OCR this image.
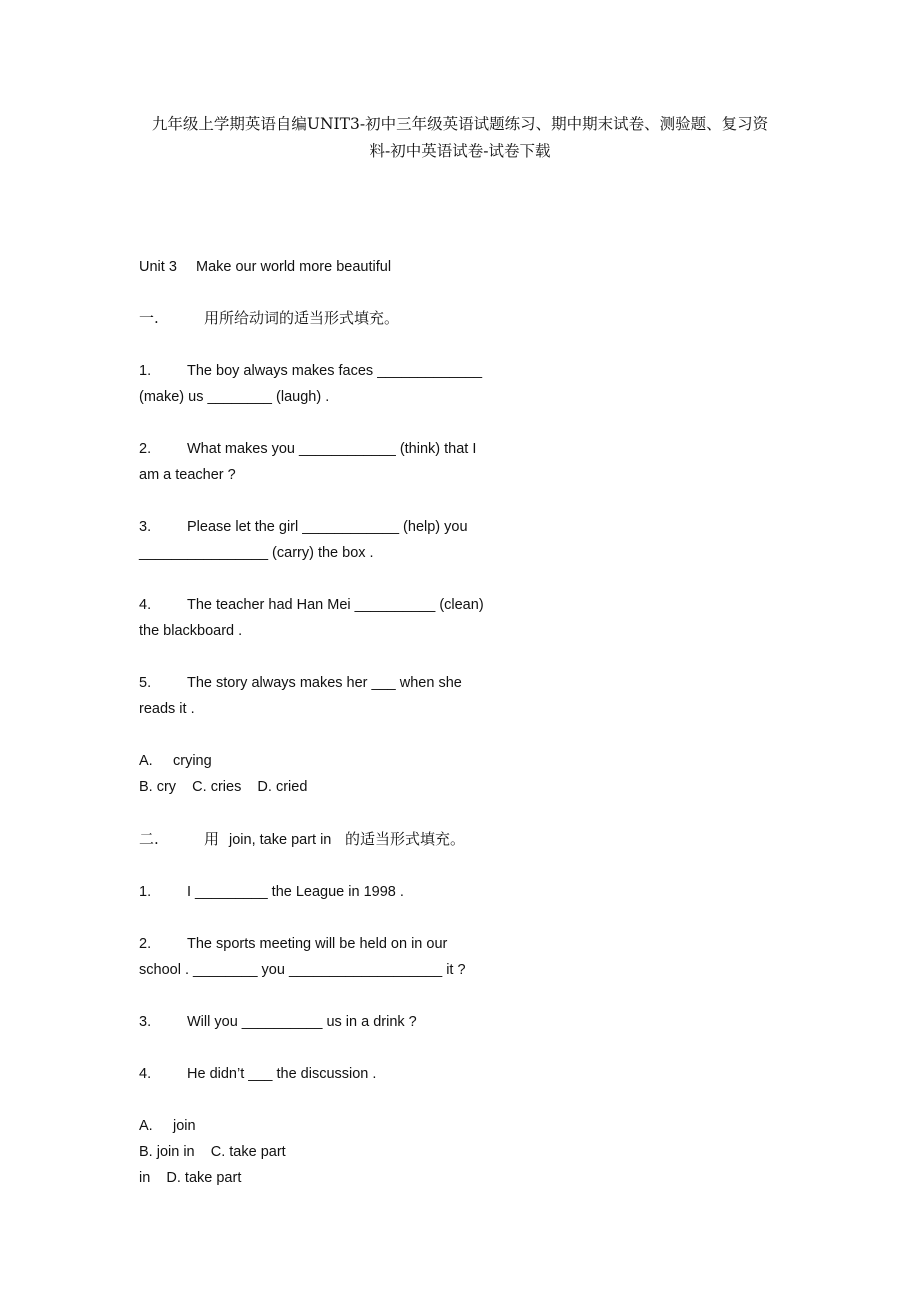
九年级上学期英语自编UNIT3-初中三年级英语试题练习、期中期末试卷、测验题、复习资
料-初中英语试卷-试卷下载
Unit 3 Make our world more beautiful
一.	用所给动词的适当形式填充。
1. The boy always makes faces _____________
(make) us ________ (laugh) .
2. What makes you ____________ (think) that I
am a teacher ?
3. Please let the girl ____________ (help) you
________________ (carry) the box .
4. The teacher had Han Mei __________ (clean)
the blackboard .
5. The story always makes her ___ when she
reads it .
A. crying
B. cry    C. cries    D. cried
二.	用 join, take part in 的适当形式填充。
1. I _________ the League in 1998 .
2. The sports meeting will be held on in our
school . ________ you ___________________ it ?
3. Will you __________ us in a drink ?
4. He didn’t ___ the discussion .
A. join
B. join in    C. take part
in    D. take part
